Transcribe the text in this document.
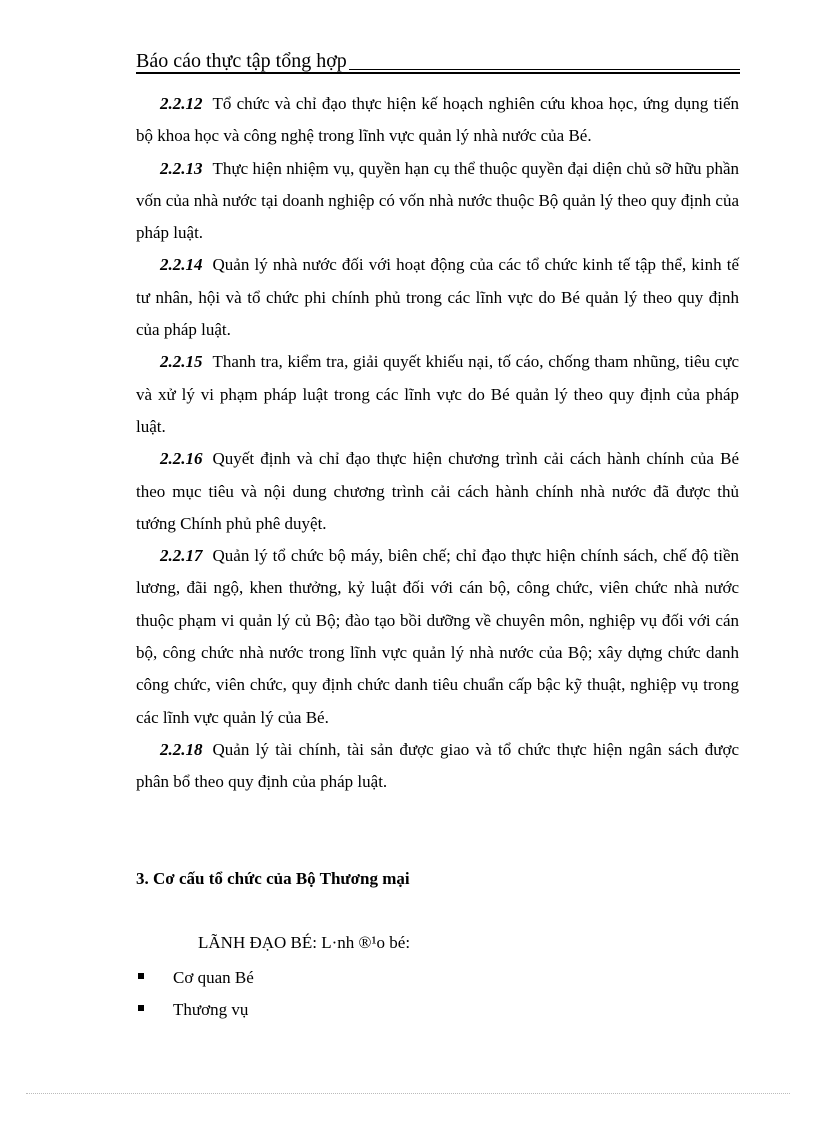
Báo cáo thực tập tổng hợp

2.2.12 Tổ chức và chỉ đạo thực hiện kế hoạch nghiên cứu khoa học, ứng dụng tiến bộ khoa học và công nghệ trong lĩnh vực quản lý nhà nước của Bé.

2.2.13 Thực hiện nhiệm vụ, quyền hạn cụ thể thuộc quyền đại diện chủ sỡ hữu phần vốn của nhà nước tại doanh nghiệp có vốn nhà nước thuộc Bộ quản lý theo quy định của pháp luật.

2.2.14 Quản lý nhà nước đối với hoạt động của các tổ chức kinh tế tập thể, kinh tế tư nhân, hội và tổ chức phi chính phủ trong các lĩnh vực do Bé quản lý theo quy định của pháp luật.

2.2.15 Thanh tra, kiểm tra, giải quyết khiếu nại, tố cáo, chống tham nhũng, tiêu cực và xử lý vi phạm pháp luật trong các lĩnh vực do Bé quản lý theo quy định của pháp luật.

2.2.16 Quyết định và chỉ đạo thực hiện chương trình cải cách hành chính của Bé theo mục tiêu và nội dung chương trình cải cách hành chính nhà nước đã được thủ tướng Chính phủ phê duyệt.

2.2.17 Quản lý tổ chức bộ máy, biên chế; chỉ đạo thực hiện chính sách, chế độ tiền lương, đãi ngộ, khen thưởng, kỷ luật đối với cán bộ, công chức, viên chức nhà nước thuộc phạm vi quản lý củ Bộ; đào tạo bồi dưỡng về chuyên môn, nghiệp vụ đối với cán bộ, công chức nhà nước trong lĩnh vực quản lý nhà nước của Bộ; xây dựng chức danh công chức, viên chức, quy định chức danh tiêu chuẩn cấp bậc kỹ thuật, nghiệp vụ trong các lĩnh vực quản lý của Bé.

2.2.18 Quản lý tài chính, tài sản được giao và tổ chức thực hiện ngân sách được phân bổ theo quy định của pháp luật.

3. Cơ cấu tổ chức của Bộ Thương mại
LÃNH ĐẠO BÉ: L·nh ®¹o bé:
Cơ quan Bé
Thương vụ
